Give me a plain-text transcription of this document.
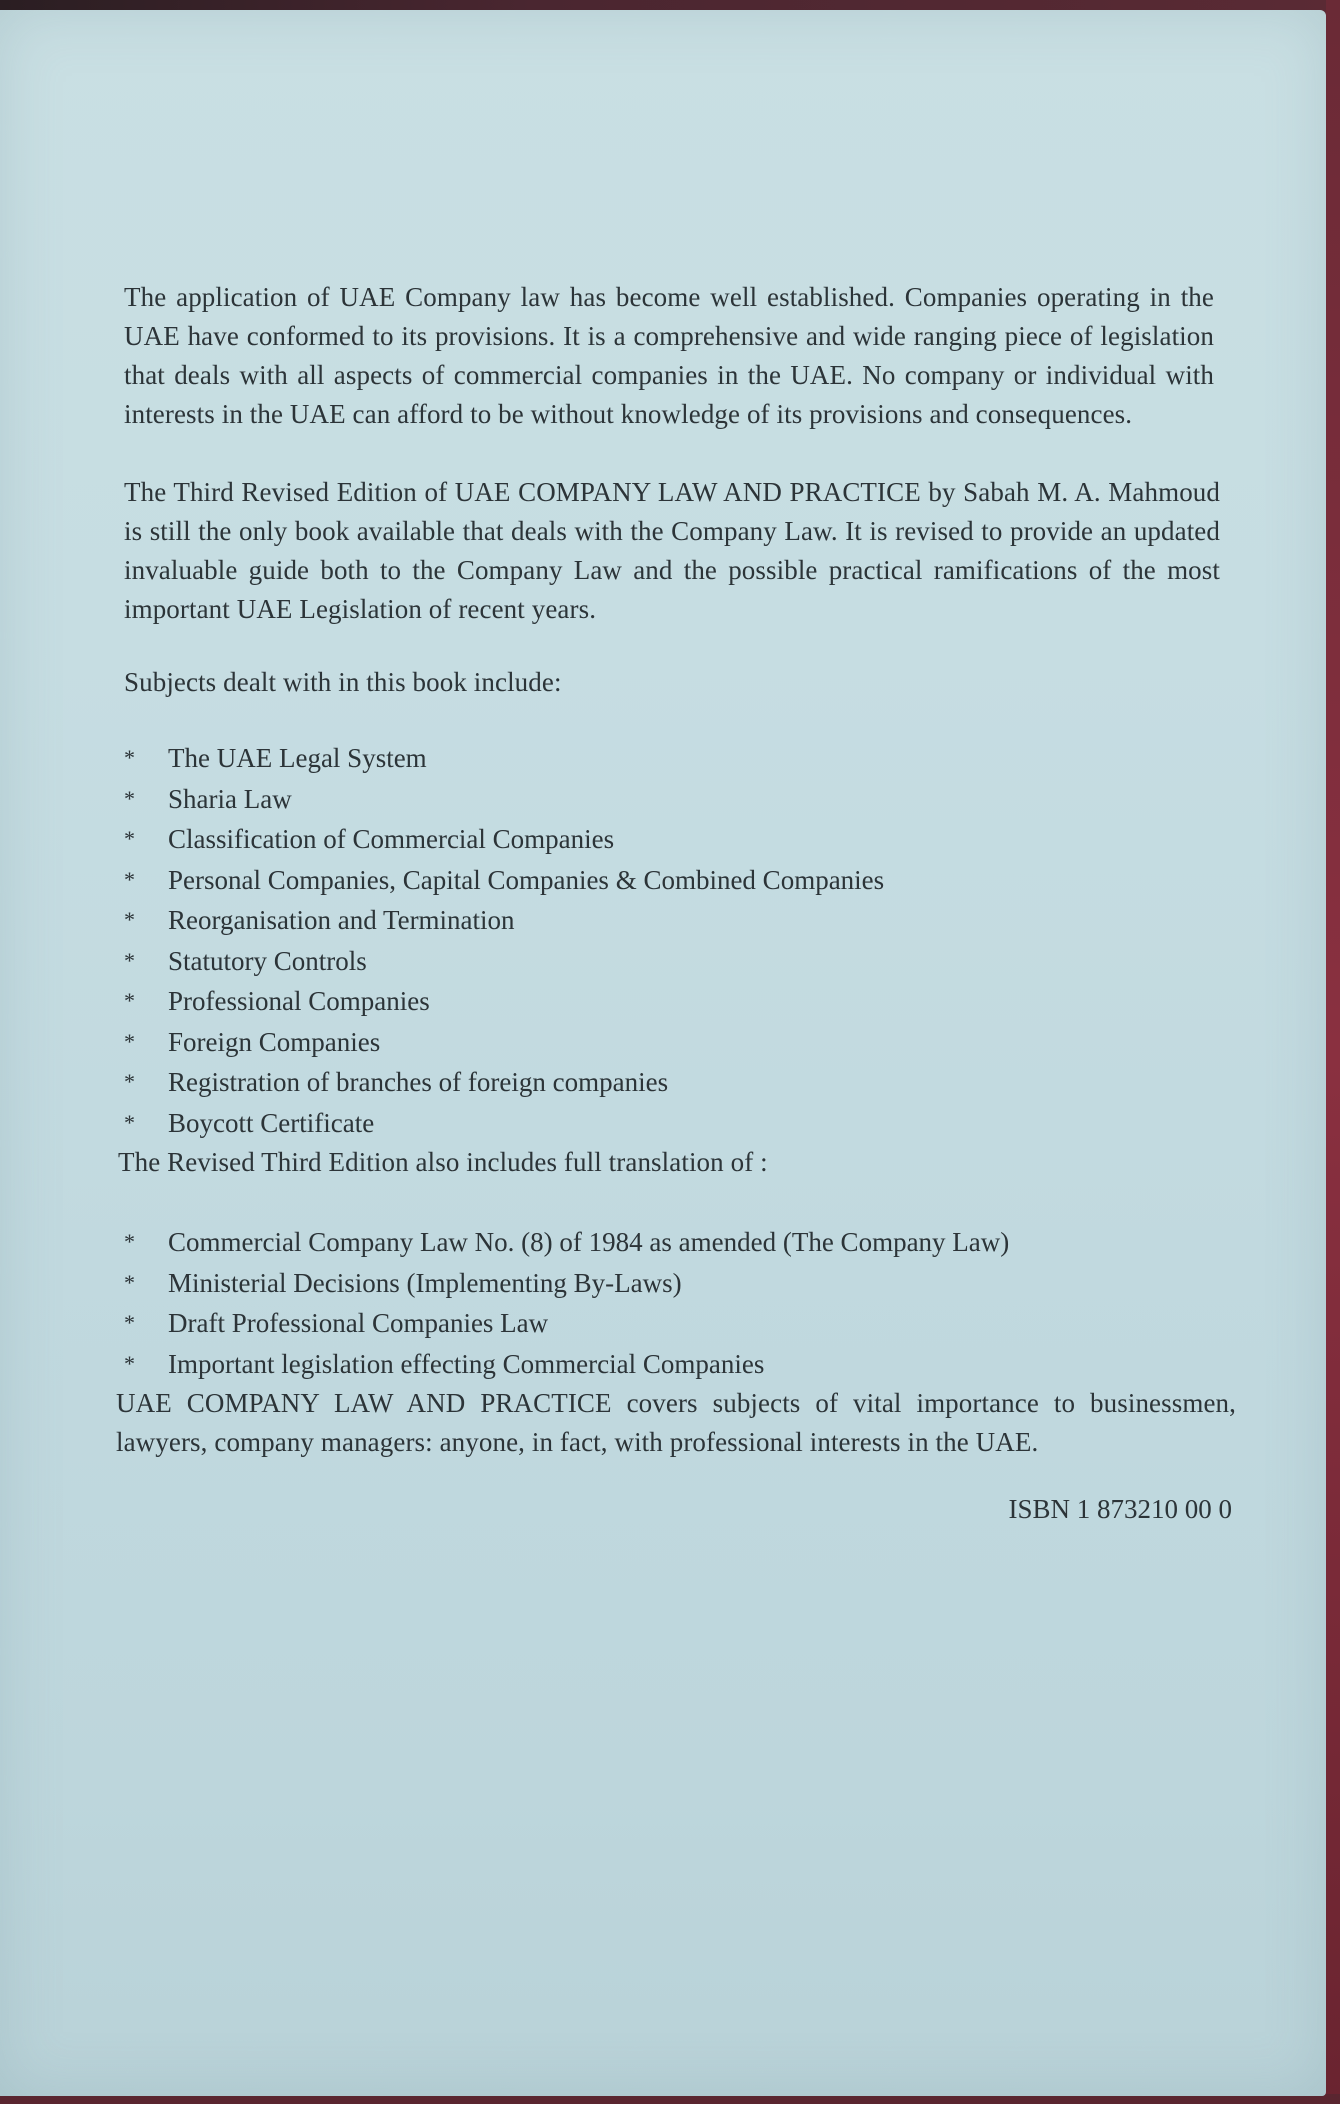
The application of UAE Company law has become well established. Companies operating in the UAE have conformed to its provisions. It is a comprehensive and wide ranging piece of legislation that deals with all aspects of commercial companies in the UAE. No company or individual with interests in the UAE can afford to be without knowledge of its provisions and consequences.

The Third Revised Edition of UAE COMPANY LAW AND PRACTICE by Sabah M. A. Mahmoud is still the only book available that deals with the Company Law. It is revised to provide an updated invaluable guide both to the Company Law and the possible practical ramifications of the most important UAE Legislation of recent years.

Subjects dealt with in this book include:

*	The UAE Legal System
*	Sharia Law
*	Classification of Commercial Companies
*	Personal Companies, Capital Companies & Combined Companies
*	Reorganisation and Termination
*	Statutory Controls
*	Professional Companies
*	Foreign Companies
*	Registration of branches of foreign companies
*	Boycott Certificate

The Revised Third Edition also includes full translation of :

*	Commercial Company Law No. (8) of 1984 as amended (The Company Law)
*	Ministerial Decisions (Implementing By-Laws)
*	Draft Professional Companies Law
*	Important legislation effecting Commercial Companies

UAE COMPANY LAW AND PRACTICE covers subjects of vital importance to businessmen, lawyers, company managers: anyone, in fact, with professional interests in the UAE.

ISBN 1 873210 00 0
